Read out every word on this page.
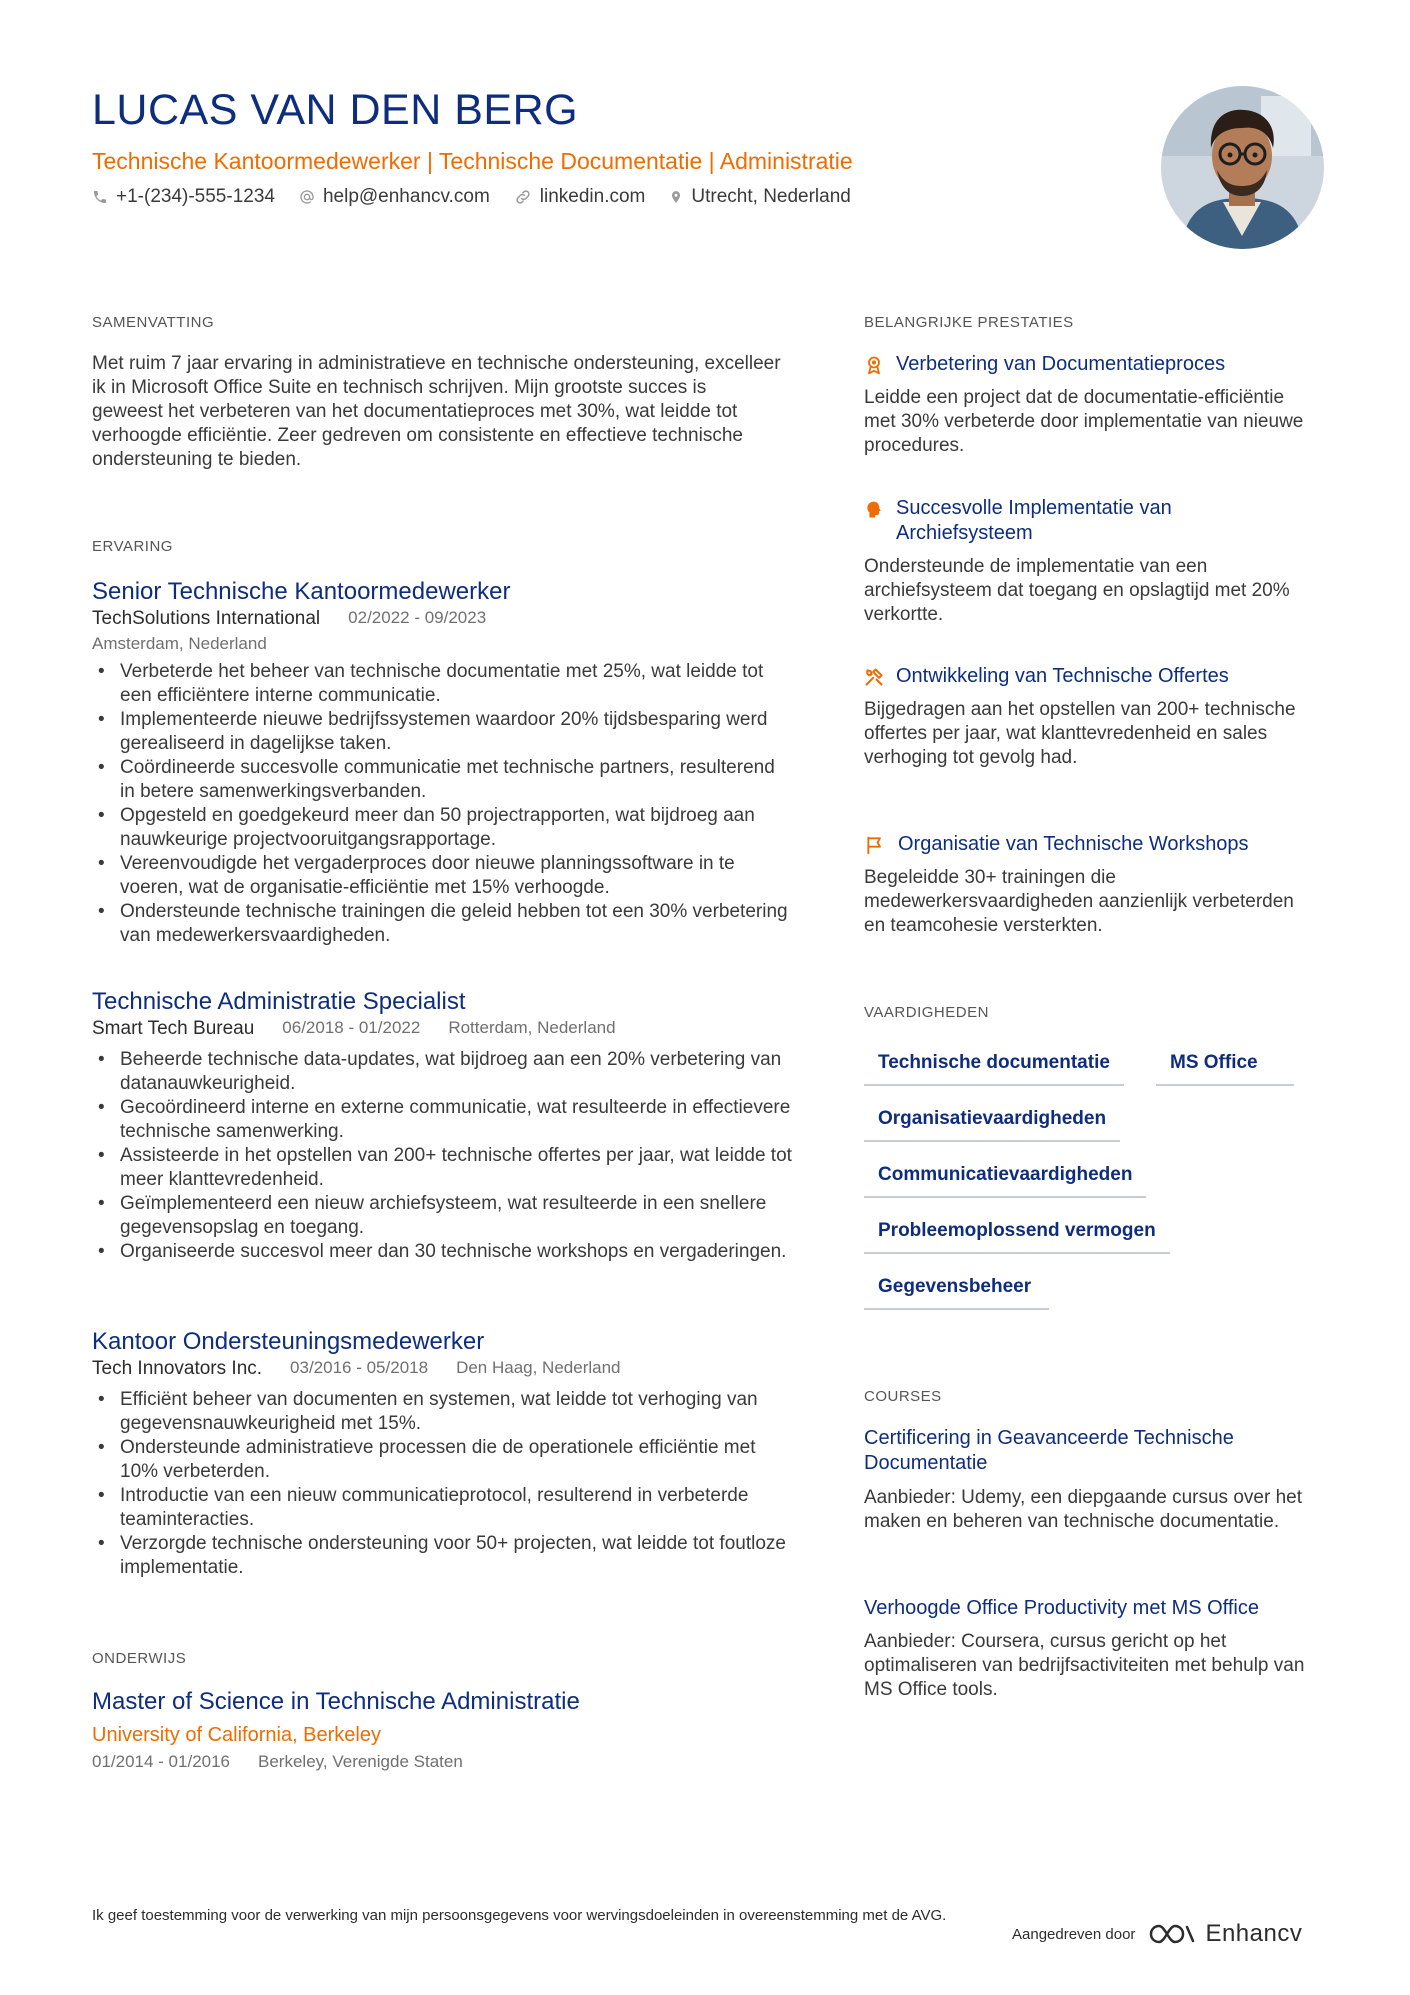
LUCAS VAN DEN BERG
Technische Kantoormedewerker | Technische Documentatie | Administratie
+1-(234)-555-1234	help@enhancv.com	linkedin.com Utrecht, Nederland
SAMENVATTING
Met ruim 7 jaar ervaring in administratieve en technische ondersteuning, excelleer ik in Microsoft Office Suite en technisch schrijven. Mijn grootste succes is geweest het verbeteren van het documentatieproces met 30%, wat leidde tot verhoogde efficiëntie. Zeer gedreven om consistente en effectieve technische ondersteuning te bieden.
ERVARING
Senior Technische Kantoormedewerker
TechSolutions International 02/2022 - 09/2023
Amsterdam, Nederland
• Verbeterde het beheer van technische documentatie met 25%, wat leidde tot een efficiëntere interne communicatie.
• Implementeerde nieuwe bedrijfssystemen waardoor 20% tijdsbesparing werd gerealiseerd in dagelijkse taken.
• Coördineerde succesvolle communicatie met technische partners, resulterend in betere samenwerkingsverbanden.
• Opgesteld en goedgekeurd meer dan 50 projectrapporten, wat bijdroeg aan nauwkeurige projectvooruitgangsrapportage.
• Vereenvoudigde het vergaderproces door nieuwe planningssoftware in te voeren, wat de organisatie-efficiëntie met 15% verhoogde.
• Ondersteunde technische trainingen die geleid hebben tot een 30% verbetering van medewerkersvaardigheden.
Technische Administratie Specialist
Smart Tech Bureau 06/2018 - 01/2022 Rotterdam, Nederland
• Beheerde technische data-updates, wat bijdroeg aan een 20% verbetering van datanauwkeurigheid.
• Gecoördineerd interne en externe communicatie, wat resulteerde in effectievere technische samenwerking.
• Assisteerde in het opstellen van 200+ technische offertes per jaar, wat leidde tot meer klanttevredenheid.
• Geïmplementeerd een nieuw archiefsysteem, wat resulteerde in een snellere gegevensopslag en toegang.
• Organiseerde succesvol meer dan 30 technische workshops en vergaderingen.
Kantoor Ondersteuningsmedewerker
Tech Innovators Inc. 03/2016 - 05/2018 Den Haag, Nederland
• Efficiënt beheer van documenten en systemen, wat leidde tot verhoging van gegevensnauwkeurigheid met 15%.
• Ondersteunde administratieve processen die de operationele efficiëntie met 10% verbeterden.
• Introductie van een nieuw communicatieprotocol, resulterend in verbeterde teaminteracties.
• Verzorgde technische ondersteuning voor 50+ projecten, wat leidde tot foutloze implementatie.
ONDERWIJS
Master of Science in Technische Administratie
University of California, Berkeley
01/2014 - 01/2016 Berkeley, Verenigde Staten
BELANGRIJKE PRESTATIES
Verbetering van Documentatieproces
Leidde een project dat de documentatie-efficiëntie met 30% verbeterde door implementatie van nieuwe procedures.
Succesvolle Implementatie van Archiefsysteem
Ondersteunde de implementatie van een archiefsysteem dat toegang en opslagtijd met 20% verkortte.
Ontwikkeling van Technische Offertes
Bijgedragen aan het opstellen van 200+ technische offertes per jaar, wat klanttevredenheid en sales verhoging tot gevolg had.
Organisatie van Technische Workshops
Begeleidde 30+ trainingen die medewerkersvaardigheden aanzienlijk verbeterden en teamcohesie versterkten.
VAARDIGHEDEN
Technische documentatie	MS Office
Organisatievaardigheden
Communicatievaardigheden
Probleemoplossend vermogen
Gegevensbeheer
COURSES
Certificering in Geavanceerde Technische Documentatie
Aanbieder: Udemy, een diepgaande cursus over het maken en beheren van technische documentatie.
Verhoogde Office Productivity met MS Office
Aanbieder: Coursera, cursus gericht op het optimaliseren van bedrijfsactiviteiten met behulp van MS Office tools.
Ik geef toestemming voor de verwerking van mijn persoonsgegevens voor wervingsdoeleinden in overeenstemming met de AVG.
Aangedreven door	Enhancv
